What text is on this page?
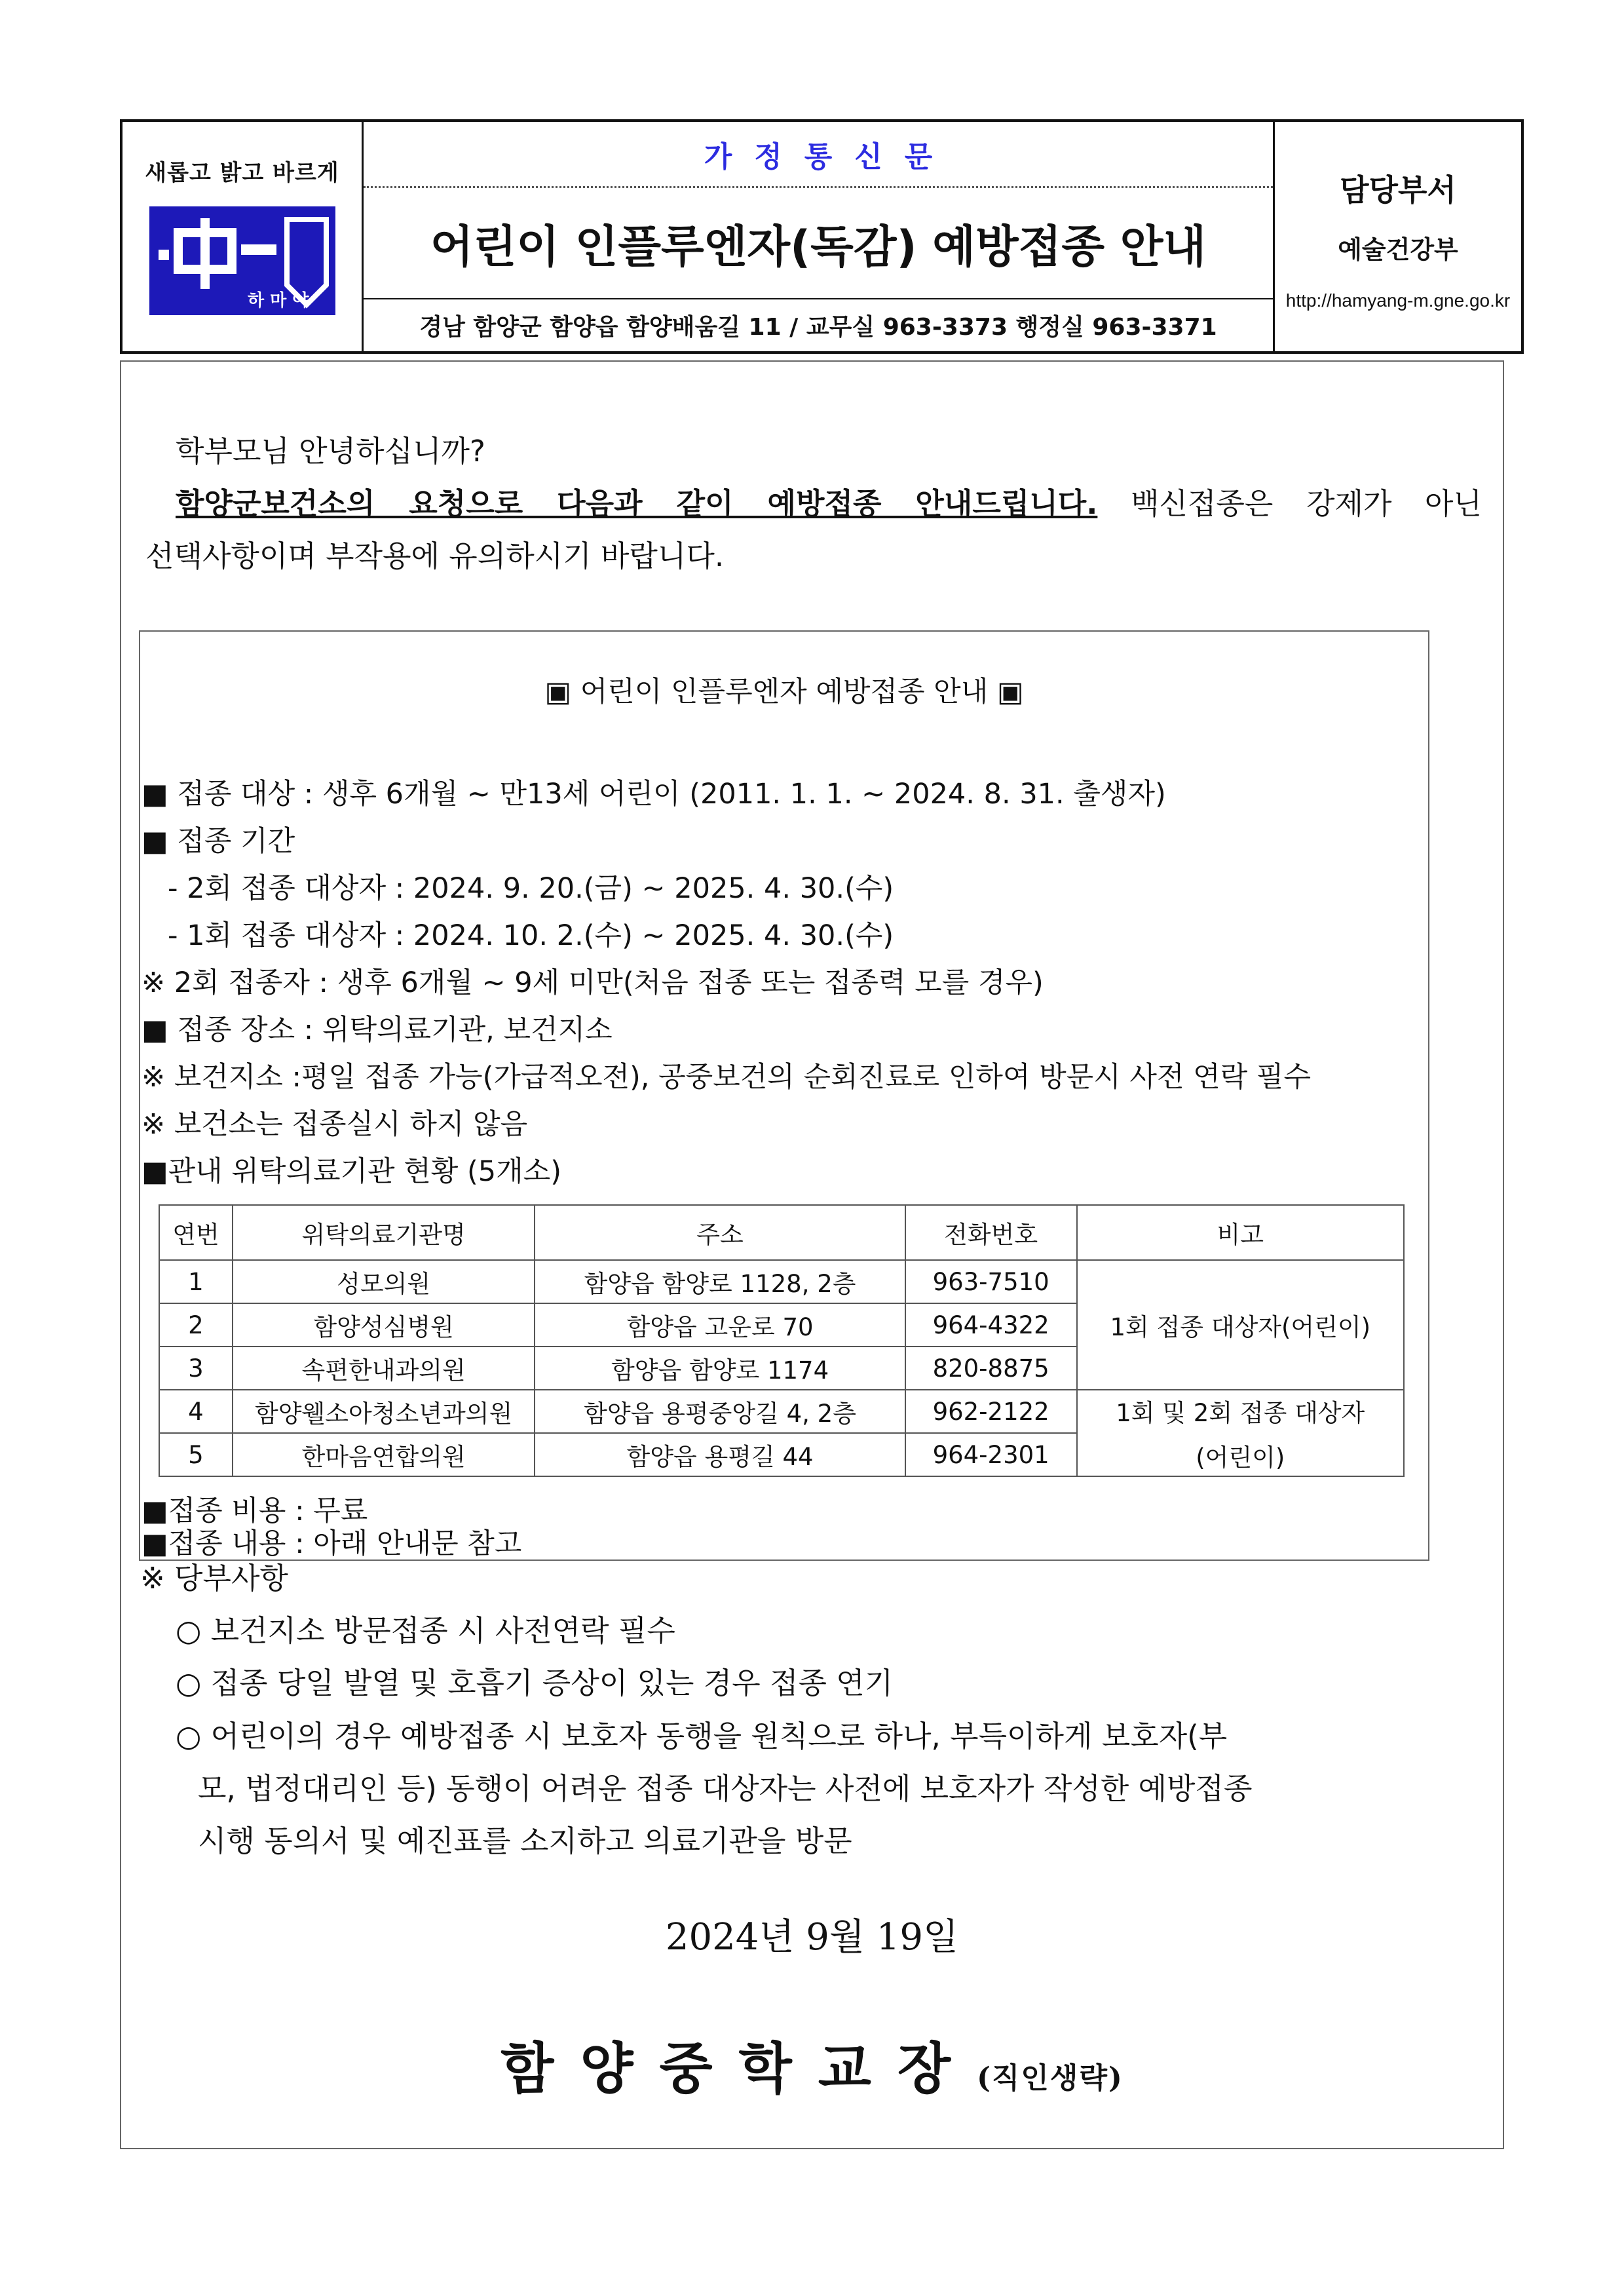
새롭고 밝고 바르게
하 마 야
가정통신문
어린이 인플루엔자(독감) 예방접종 안내
경남 함양군 함양읍 함양배움길 11 / 교무실 963-3373 행정실 963-3371
담당부서
예술건강부
http://hamyang-m.gne.go.kr
학부모님 안녕하십니까?
함양군보건소의 요청으로 다음과 같이 예방접종 안내드립니다. 백신접종은 강제가 아닌
선택사항이며 부작용에 유의하시기 바랍니다.
▣ 어린이 인플루엔자 예방접종 안내 ▣
■ 접종 대상 : 생후 6개월 ~ 만13세 어린이 (2011. 1. 1. ~ 2024. 8. 31. 출생자)
■ 접종 기간
- 2회 접종 대상자 : 2024. 9. 20.(금) ~ 2025. 4. 30.(수)
- 1회 접종 대상자 : 2024. 10. 2.(수) ~ 2025. 4. 30.(수)
※ 2회 접종자 : 생후 6개월 ~ 9세 미만(처음 접종 또는 접종력 모를 경우)
■ 접종 장소 : 위탁의료기관, 보건지소
※ 보건지소 :평일 접종 가능(가급적오전), 공중보건의 순회진료로 인하여 방문시 사전 연락 필수
※ 보건소는 접종실시 하지 않음
■관내 위탁의료기관 현황 (5개소)
연번	위탁의료기관명	주소	전화번호	비고
1	성모의원	함양읍 함양로 1128, 2층	963-7510	1회 접종 대상자(어린이)
2	함양성심병원	함양읍 고운로 70	964-4322	
3	속편한내과의원	함양읍 함양로 1174	820-8875	
4	함양웰소아청소년과의원	함양읍 용평중앙길 4, 2층	962-2122	1회 및 2회 접종 대상자
(어린이)

5	한마음연합의원	함양읍 용평길 44	964-2301	
■접종 비용 : 무료
■접종 내용 : 아래 안내문 참고
※ 당부사항
○ 보건지소 방문접종 시 사전연락 필수
○ 접종 당일 발열 및 호흡기 증상이 있는 경우 접종 연기
○ 어린이의 경우 예방접종 시 보호자 동행을 원칙으로 하나, 부득이하게 보호자(부
모, 법정대리인 등) 동행이 어려운 접종 대상자는 사전에 보호자가 작성한 예방접종
시행 동의서 및 예진표를 소지하고 의료기관을 방문
2024년 9월 19일
함양중학교장(직인생략)
